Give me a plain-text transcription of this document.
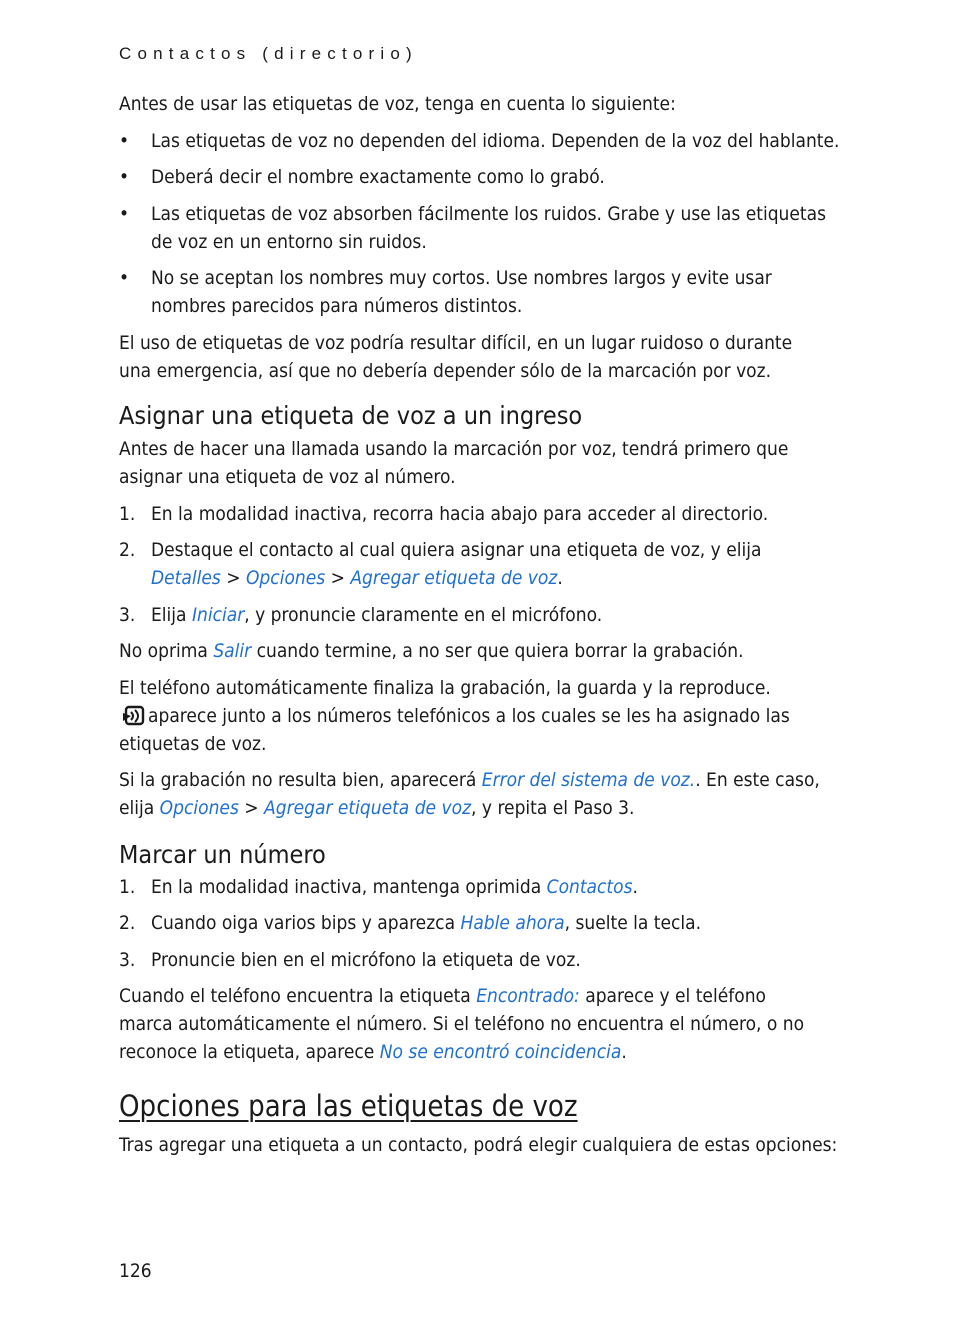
Contactos (directorio)
Antes de usar las etiquetas de voz, tenga en cuenta lo siguiente:
• Las etiquetas de voz no dependen del idioma. Dependen de la voz del hablante.
• Deberá decir el nombre exactamente como lo grabó.
• Las etiquetas de voz absorben fácilmente los ruidos. Grabe y use las etiquetas
de voz en un entorno sin ruidos.
• No se aceptan los nombres muy cortos. Use nombres largos y evite usar
nombres parecidos para números distintos.
El uso de etiquetas de voz podría resultar difícil, en un lugar ruidoso o durante
una emergencia, así que no debería depender sólo de la marcación por voz.
Asignar una etiqueta de voz a un ingreso
Antes de hacer una llamada usando la marcación por voz, tendrá primero que
asignar una etiqueta de voz al número.
1. En la modalidad inactiva, recorra hacia abajo para acceder al directorio.
2. Destaque el contacto al cual quiera asignar una etiqueta de voz, y elija
Detalles > Opciones > Agregar etiqueta de voz.
3. Elija Iniciar, y pronuncie claramente en el micrófono.
No oprima Salir cuando termine, a no ser que quiera borrar la grabación.
El teléfono automáticamente finaliza la grabación, la guarda y la reproduce.
aparece junto a los números telefónicos a los cuales se les ha asignado las
etiquetas de voz.
Si la grabación no resulta bien, aparecerá Error del sistema de voz.. En este caso,
elija Opciones > Agregar etiqueta de voz, y repita el Paso 3.
Marcar un número
1. En la modalidad inactiva, mantenga oprimida Contactos.
2. Cuando oiga varios bips y aparezca Hable ahora, suelte la tecla.
3. Pronuncie bien en el micrófono la etiqueta de voz.
Cuando el teléfono encuentra la etiqueta Encontrado: aparece y el teléfono
marca automáticamente el número. Si el teléfono no encuentra el número, o no
reconoce la etiqueta, aparece No se encontró coincidencia.
Opciones para las etiquetas de voz
Tras agregar una etiqueta a un contacto, podrá elegir cualquiera de estas opciones:
126
